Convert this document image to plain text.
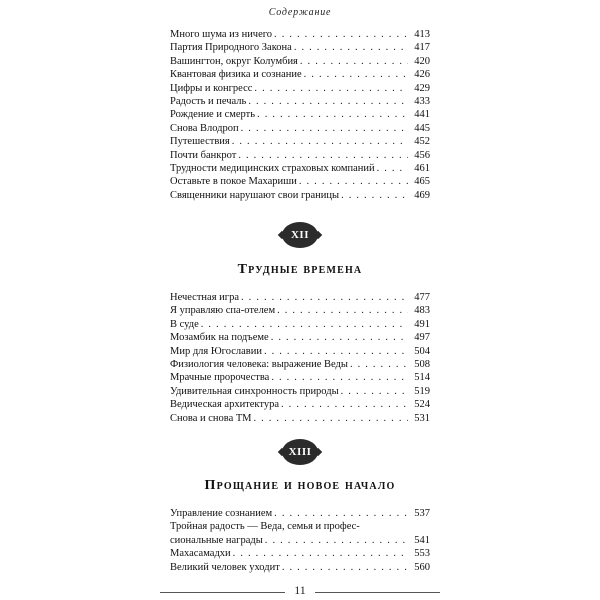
Содержание
Много шума из ничего . . .	413
Партия Природного Закона . . .	417
Вашингтон, округ Колумбия . . .	420
Квантовая физика и сознание . . .	426
Цифры и конгресс . . .	429
Радость и печаль . . .	433
Рождение и смерть . . .	441
Снова Влодроп . . .	445
Путешествия . . .	452
Почти банкрот . . .	456
Трудности медицинских страховых компаний . . .	461
Оставьте в покое Махариши . . .	465
Священники нарушают свои границы . . .	469
XII
Трудные времена
Нечестная игра . . .	477
Я управляю спа-отелем . . .	483
В суде . . .	491
Мозамбик на подъеме . . .	497
Мир для Югославии . . .	504
Физиология человека: выражение Веды . . .	508
Мрачные пророчества . . .	514
Удивительная синхронность природы . . .	519
Ведическая архитектура . . .	524
Снова и снова ТМ . . .	531
XIII
Прощание и новое начало
Управление сознанием . . .	537
Тройная радость — Веда, семья и профес-
сиональные награды . . .	541
Махасамадхи . . .	553
Великий человек уходит . . .	560
11
